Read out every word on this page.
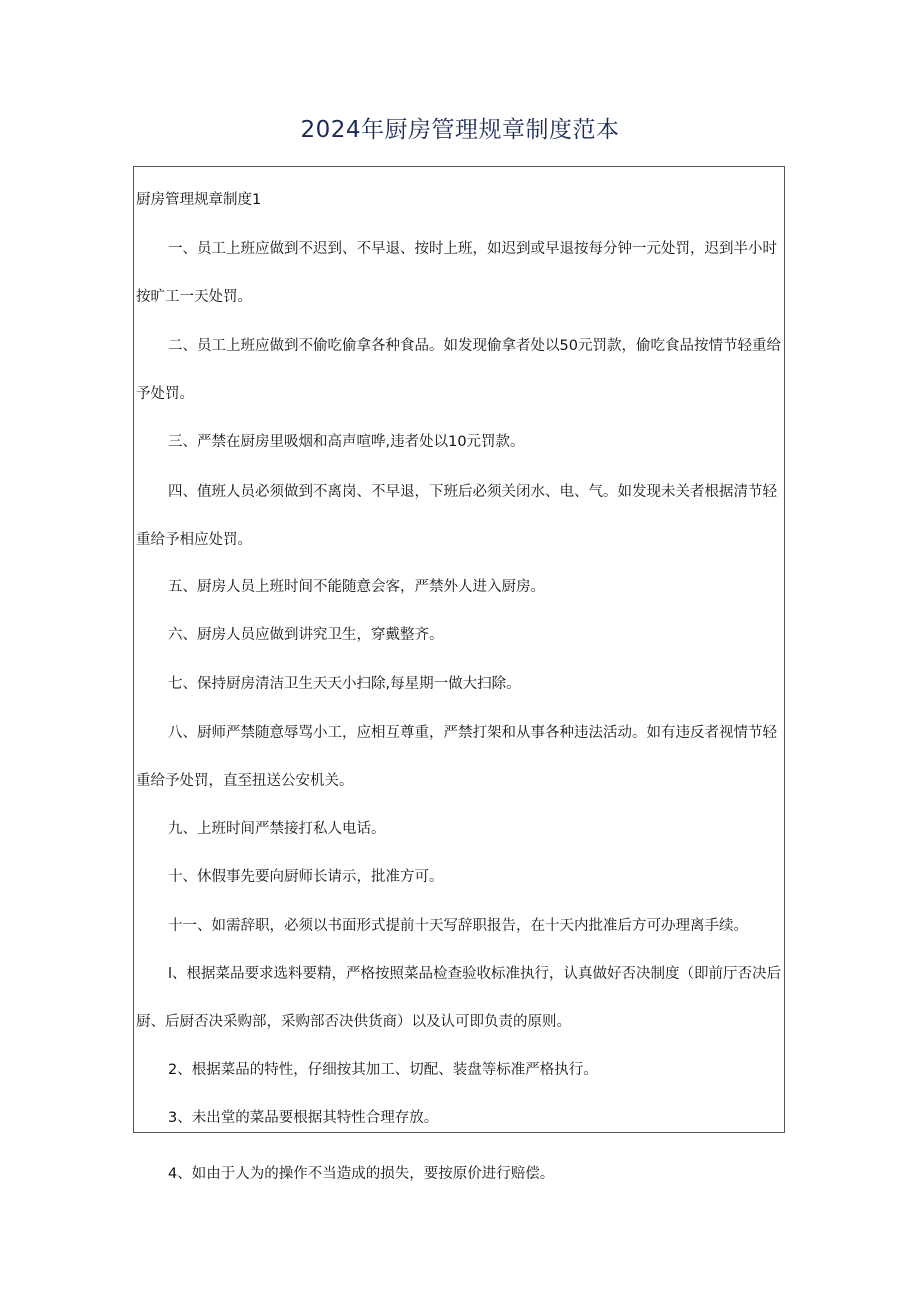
2024年厨房管理规章制度范本

厨房管理规章制度1

一、员工上班应做到不迟到、不早退、按时上班，如迟到或早退按每分钟一元处罚，迟到半小时
按旷工一天处罚。

二、员工上班应做到不偷吃偷拿各种食品。如发现偷拿者处以50元罚款，偷吃食品按情节轻重给
予处罚。

三、严禁在厨房里吸烟和高声喧哗,违者处以10元罚款。

四、值班人员必须做到不离岗、不早退，下班后必须关闭水、电、气。如发现未关者根据清节轻
重给予相应处罚。

五、厨房人员上班时间不能随意会客，严禁外人进入厨房。

六、厨房人员应做到讲究卫生，穿戴整齐。

七、保持厨房清洁卫生天天小扫除,每星期一做大扫除。

八、厨师严禁随意辱骂小工，应相互尊重，严禁打架和从事各种违法活动。如有违反者视情节轻
重给予处罚，直至扭送公安机关。

九、上班时间严禁接打私人电话。

十、休假事先要向厨师长请示，批准方可。

十一、如需辞职，必须以书面形式提前十天写辞职报告，在十天内批准后方可办理离手续。

l、根据菜品要求选料要精，严格按照菜品检查验收标准执行，认真做好否决制度（即前厅否决后
厨、后厨否决采购部，采购部否决供货商）以及认可即负责的原则。

2、根据菜品的特性，仔细按其加工、切配、装盘等标准严格执行。

3、未出堂的菜品要根据其特性合理存放。

4、如由于人为的操作不当造成的损失，要按原价进行赔偿。
